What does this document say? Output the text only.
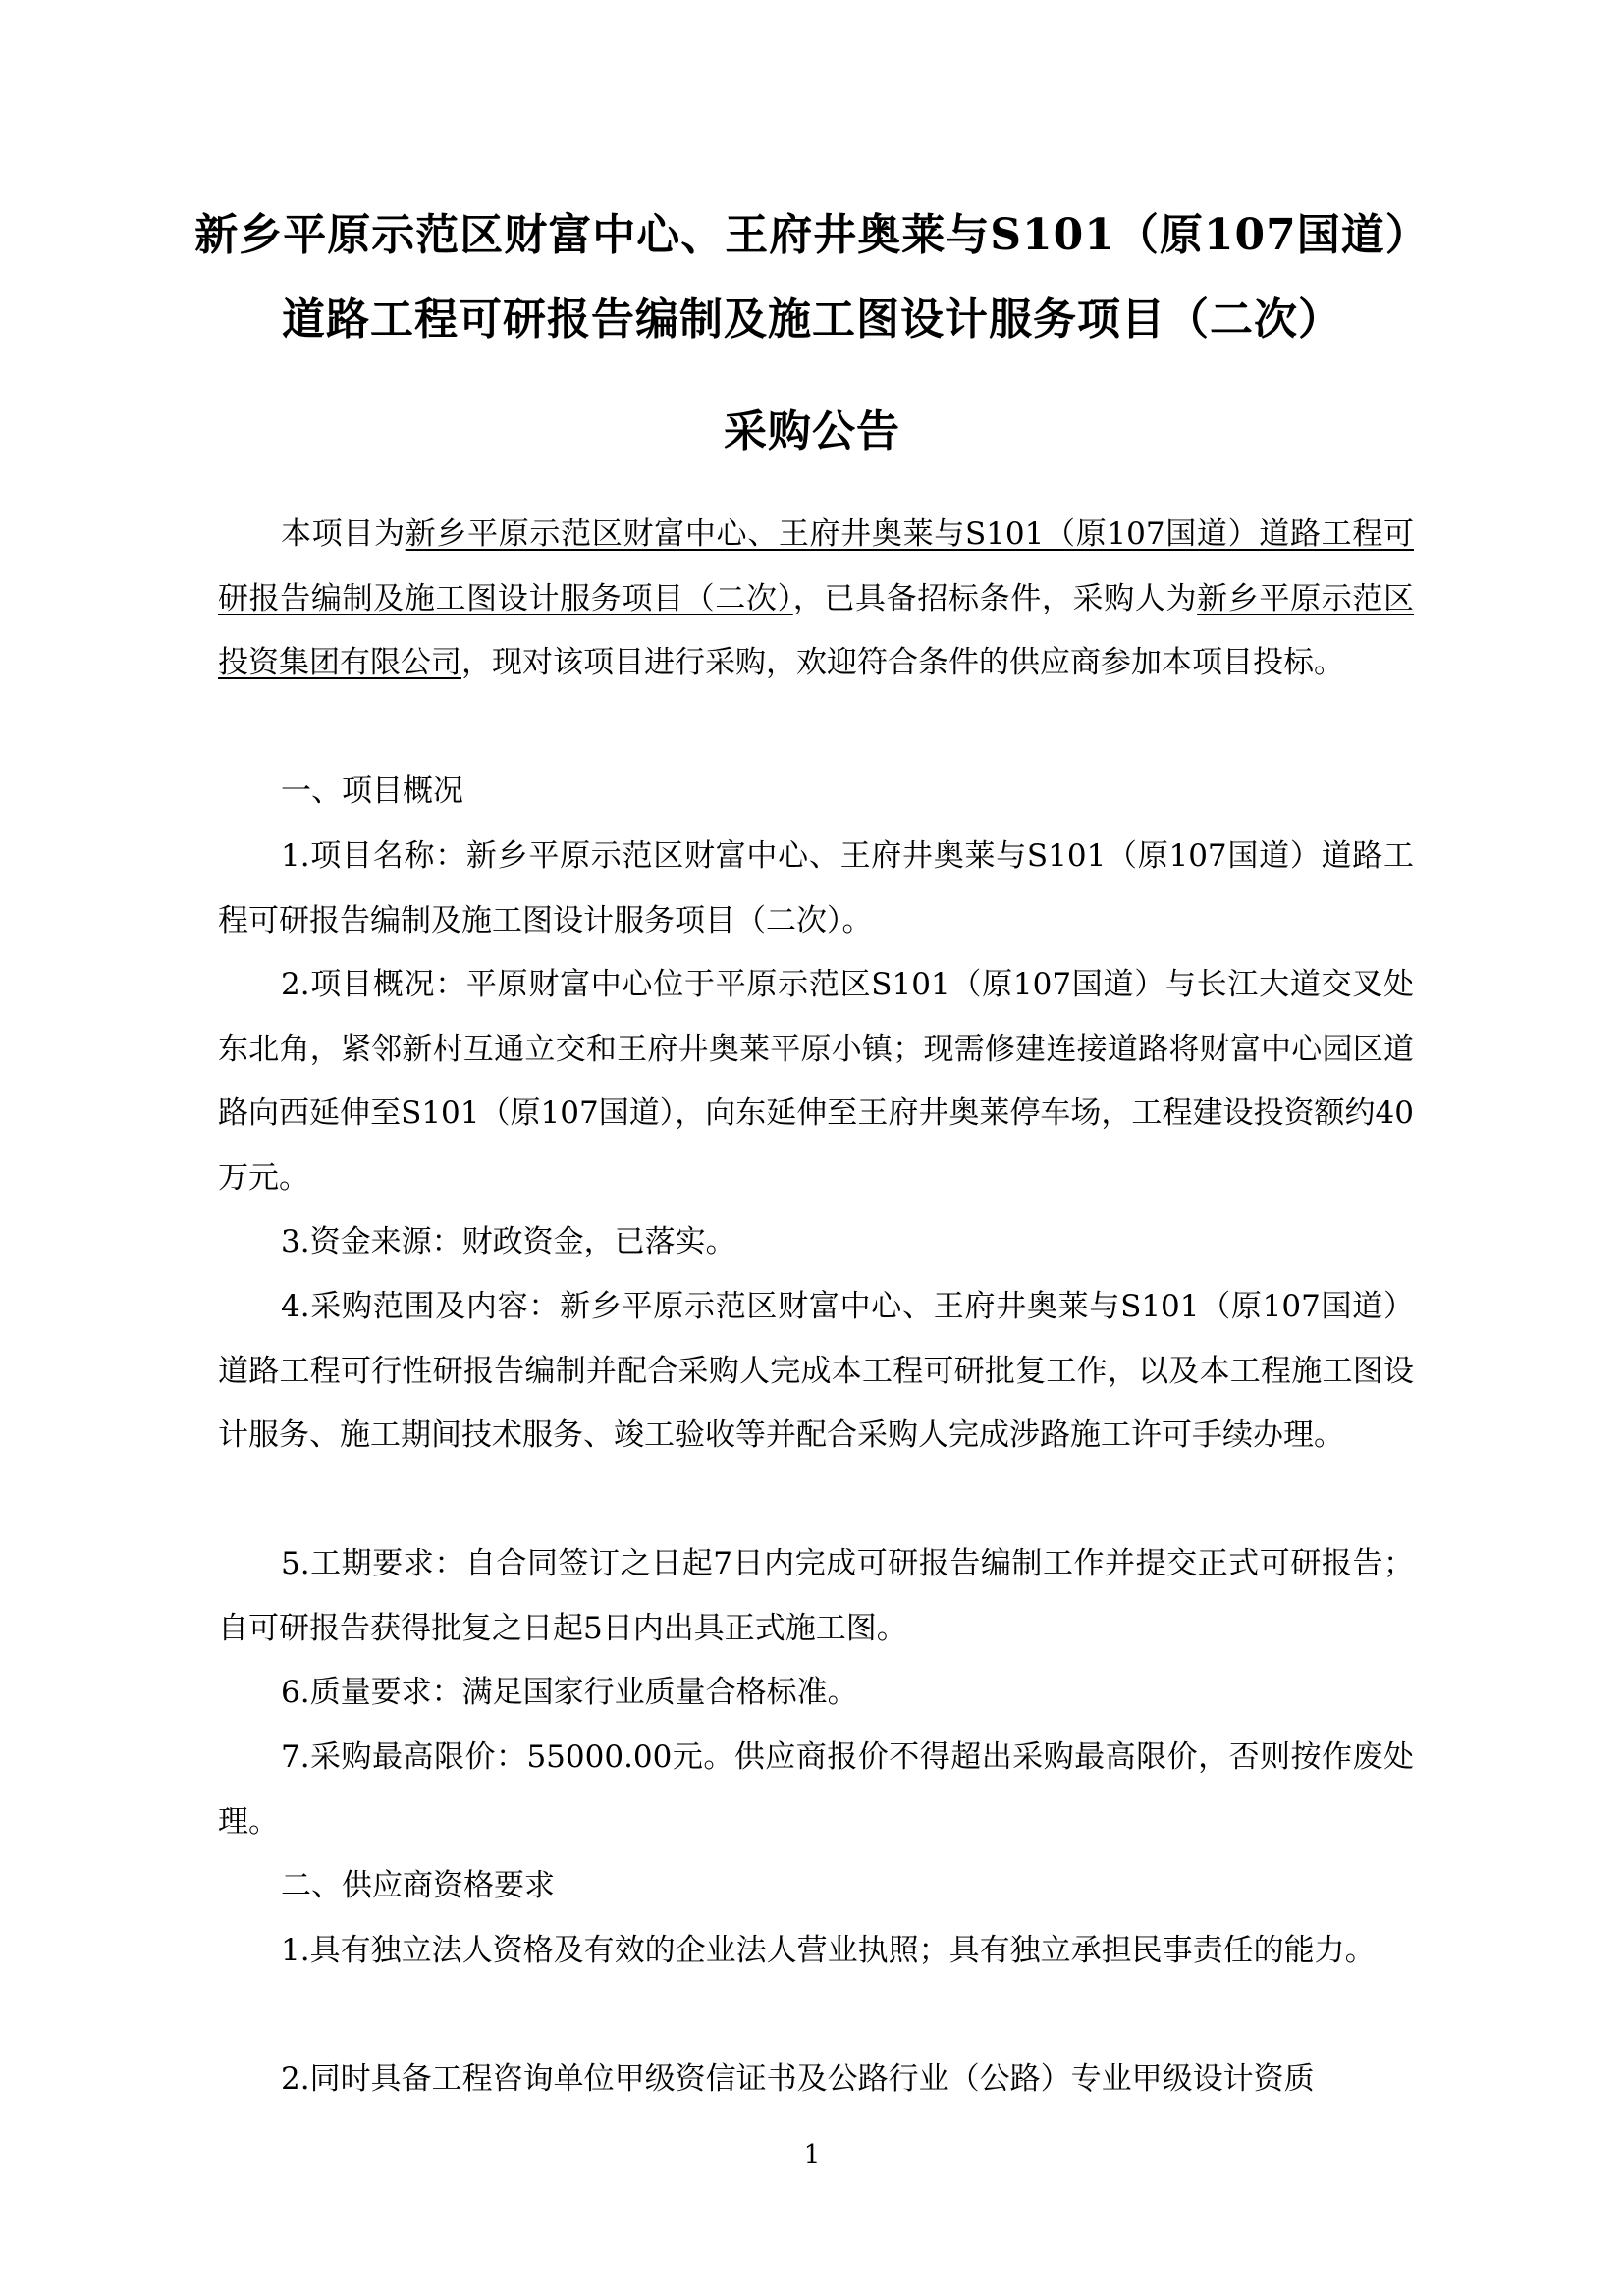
新乡平原示范区财富中心、王府井奥莱与S101（原107国道）
道路工程可研报告编制及施工图设计服务项目（二次）
采购公告

本项目为新乡平原示范区财富中心、王府井奥莱与S101（原107国道）道路工程可研报告编制及施工图设计服务项目（二次），已具备招标条件，采购人为新乡平原示范区投资集团有限公司，现对该项目进行采购，欢迎符合条件的供应商参加本项目投标。

一、项目概况

1.项目名称：新乡平原示范区财富中心、王府井奥莱与S101（原107国道）道路工程可研报告编制及施工图设计服务项目（二次）。

2.项目概况：平原财富中心位于平原示范区S101（原107国道）与长江大道交叉处东北角，紧邻新村互通立交和王府井奥莱平原小镇；现需修建连接道路将财富中心园区道路向西延伸至S101（原107国道），向东延伸至王府井奥莱停车场，工程建设投资额约40万元。

3.资金来源：财政资金，已落实。

4.采购范围及内容：新乡平原示范区财富中心、王府井奥莱与S101（原107国道）道路工程可行性研报告编制并配合采购人完成本工程可研批复工作，以及本工程施工图设计服务、施工期间技术服务、竣工验收等并配合采购人完成涉路施工许可手续办理。

5.工期要求：自合同签订之日起7日内完成可研报告编制工作并提交正式可研报告；自可研报告获得批复之日起5日内出具正式施工图。

6.质量要求：满足国家行业质量合格标准。

7.采购最高限价：55000.00元。供应商报价不得超出采购最高限价，否则按作废处理。

二、供应商资格要求

1.具有独立法人资格及有效的企业法人营业执照；具有独立承担民事责任的能力。

2.同时具备工程咨询单位甲级资信证书及公路行业（公路）专业甲级设计资质

1
